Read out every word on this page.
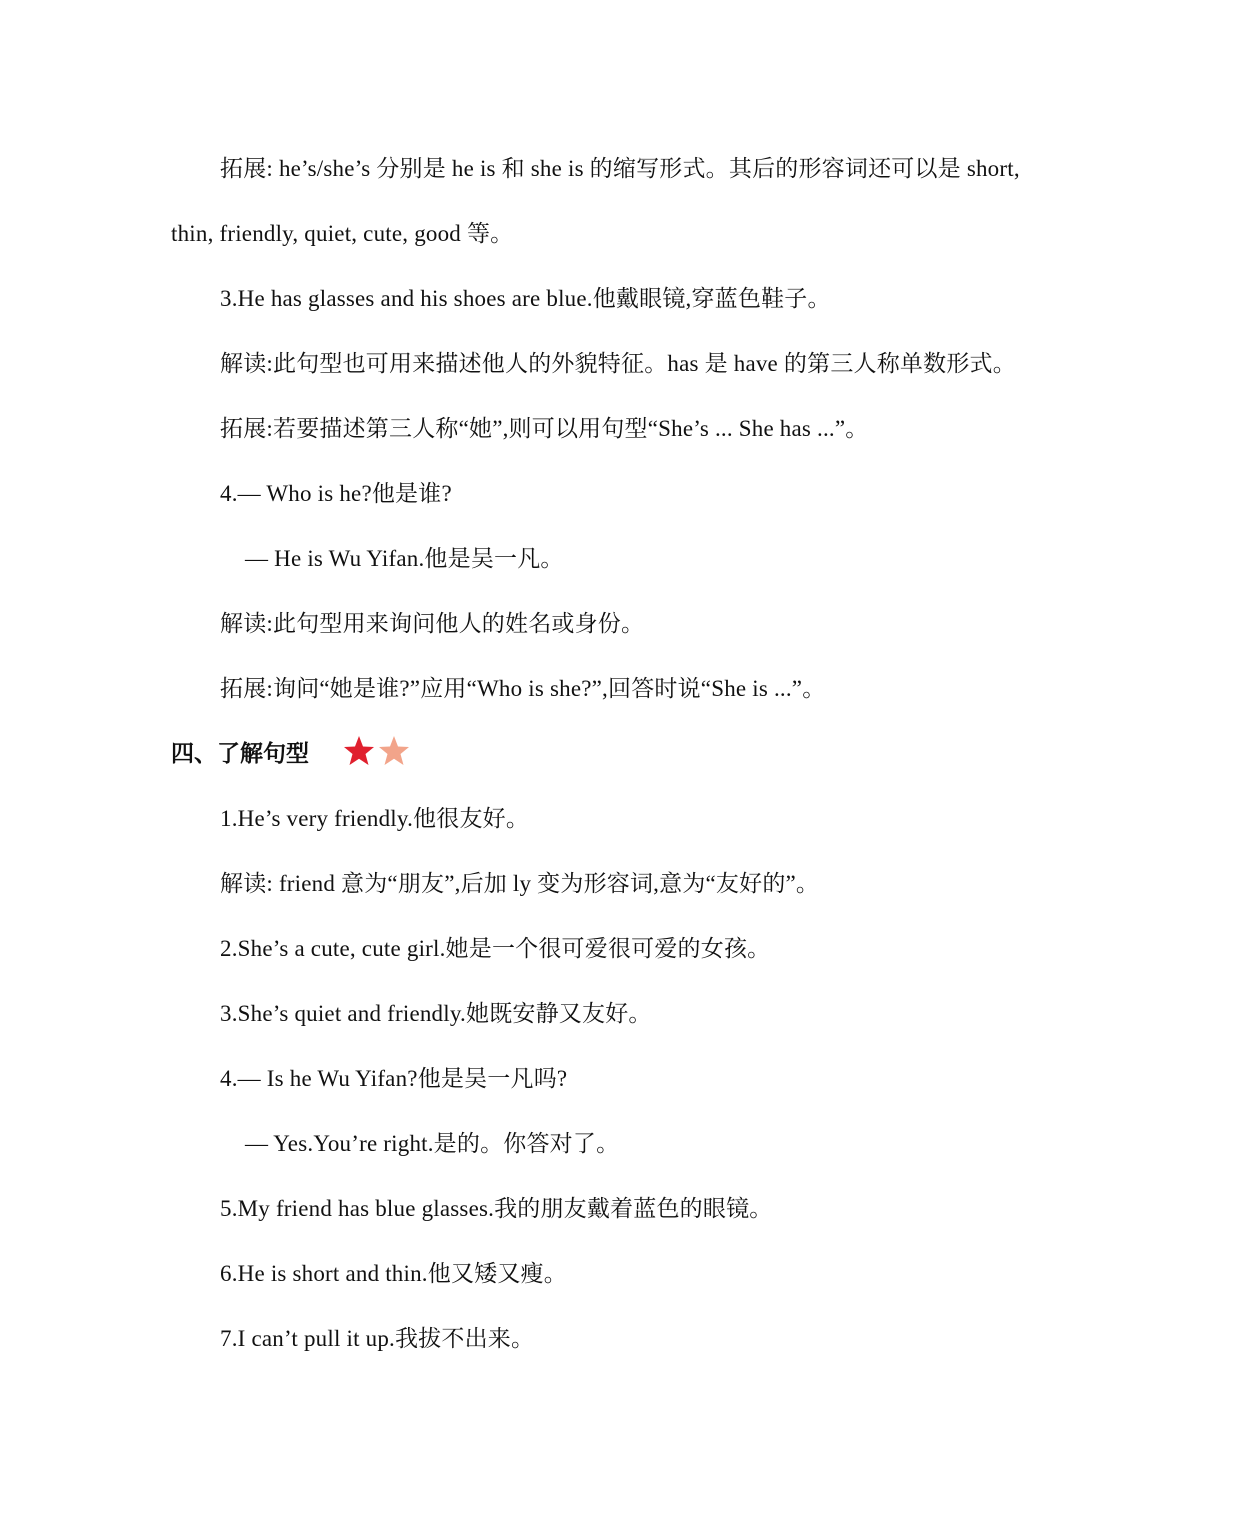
拓展: he’s/she’s 分别是 he is 和 she is 的缩写形式。其后的形容词还可以是 short,
thin, friendly, quiet, cute, good 等。
3.He has glasses and his shoes are blue.他戴眼镜,穿蓝色鞋子。
解读:此句型也可用来描述他人的外貌特征。has 是 have 的第三人称单数形式。
拓展:若要描述第三人称“她”,则可以用句型“She’s ... She has ...”。
4.— Who is he?他是谁?
— He is Wu Yifan.他是吴一凡。
解读:此句型用来询问他人的姓名或身份。
拓展:询问“她是谁?”应用“Who is she?”,回答时说“She is ...”。
四、了解句型
1.He’s very friendly.他很友好。
解读: friend 意为“朋友”,后加 ly 变为形容词,意为“友好的”。
2.She’s a cute, cute girl.她是一个很可爱很可爱的女孩。
3.She’s quiet and friendly.她既安静又友好。
4.— Is he Wu Yifan?他是吴一凡吗?
— Yes.You’re right.是的。你答对了。
5.My friend has blue glasses.我的朋友戴着蓝色的眼镜。
6.He is short and thin.他又矮又瘦。
7.I can’t pull it up.我拔不出来。
